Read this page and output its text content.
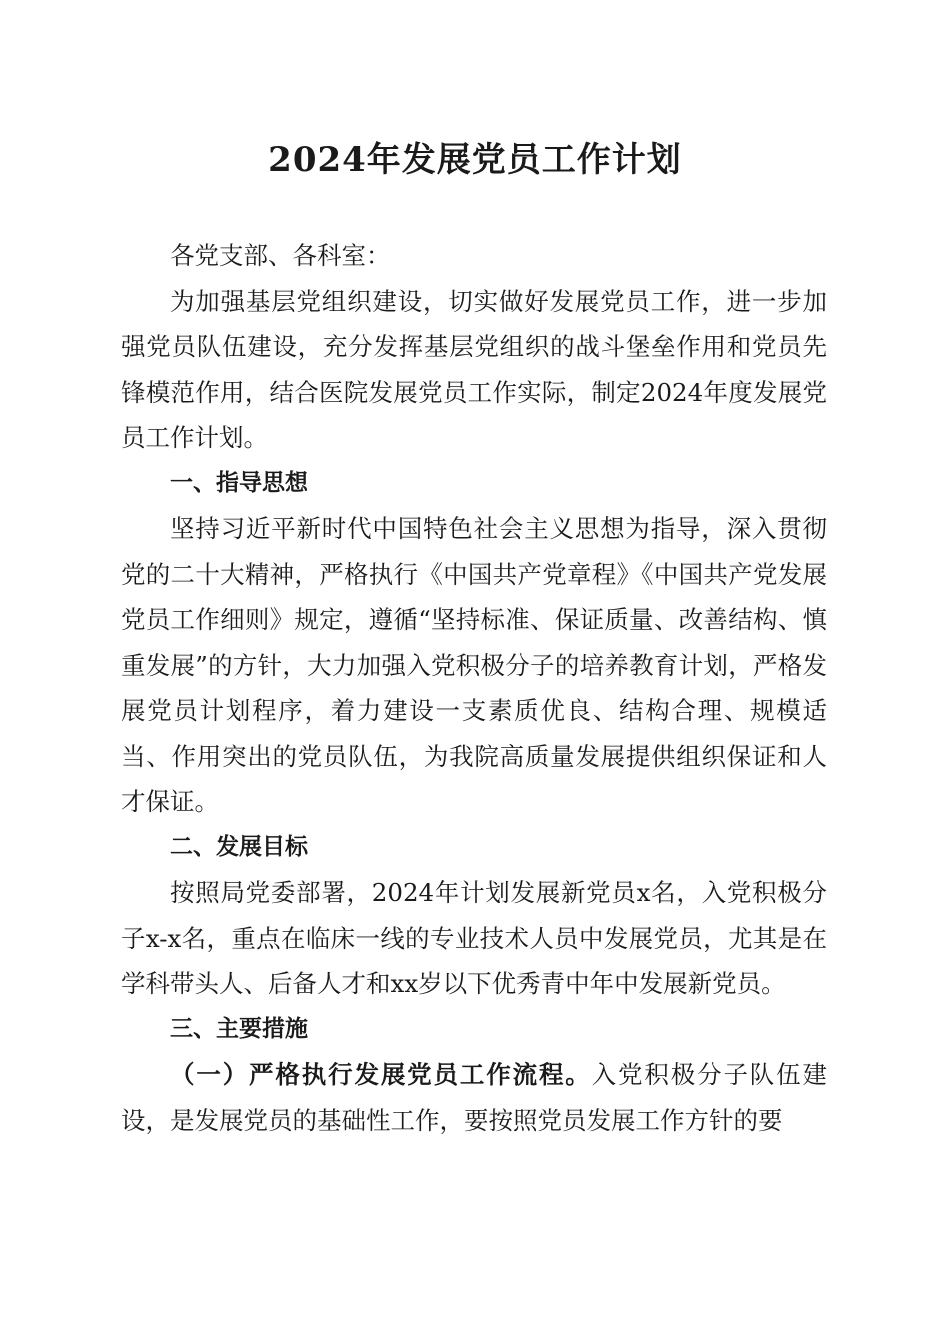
2024年发展党员工作计划

各党支部、各科室：

为加强基层党组织建设，切实做好发展党员工作，进一步加强党员队伍建设，充分发挥基层党组织的战斗堡垒作用和党员先锋模范作用，结合医院发展党员工作实际，制定2024年度发展党员工作计划。

一、指导思想

坚持习近平新时代中国特色社会主义思想为指导，深入贯彻党的二十大精神，严格执行《中国共产党章程》《中国共产党发展党员工作细则》规定，遵循“坚持标准、保证质量、改善结构、慎重发展”的方针，大力加强入党积极分子的培养教育计划，严格发展党员计划程序，着力建设一支素质优良、结构合理、规模适当、作用突出的党员队伍，为我院高质量发展提供组织保证和人才保证。

二、发展目标

按照局党委部署，2024年计划发展新党员x名，入党积极分子x-x名，重点在临床一线的专业技术人员中发展党员，尤其是在学科带头人、后备人才和xx岁以下优秀青中年中发展新党员。

三、主要措施

（一）严格执行发展党员工作流程。入党积极分子队伍建设，是发展党员的基础性工作，要按照党员发展工作方针的要
